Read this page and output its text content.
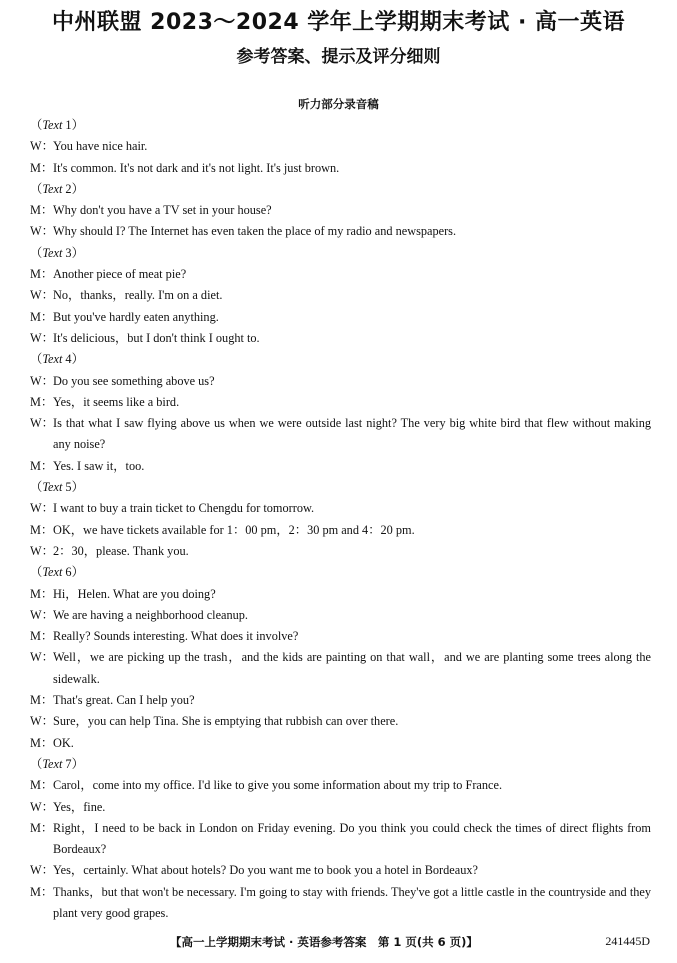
中州联盟 2023～2024 学年上学期期末考试 · 高一英语
参考答案、提示及评分细则
听力部分录音稿
（Text 1）
W：You have nice hair.
M：It's common. It's not dark and it's not light. It's just brown.
（Text 2）
M：Why don't you have a TV set in your house?
W：Why should I? The Internet has even taken the place of my radio and newspapers.
（Text 3）
M：Another piece of meat pie?
W：No，thanks，really. I'm on a diet.
M：But you've hardly eaten anything.
W：It's delicious，but I don't think I ought to.
（Text 4）
W：Do you see something above us?
M：Yes，it seems like a bird.
W：Is that what I saw flying above us when we were outside last night? The very big white bird that flew without making any noise?
M：Yes. I saw it，too.
（Text 5）
W：I want to buy a train ticket to Chengdu for tomorrow.
M：OK，we have tickets available for 1：00 pm，2：30 pm and 4：20 pm.
W：2：30，please. Thank you.
（Text 6）
M：Hi，Helen. What are you doing?
W：We are having a neighborhood cleanup.
M：Really? Sounds interesting. What does it involve?
W：Well，we are picking up the trash，and the kids are painting on that wall，and we are planting some trees along the sidewalk.
M：That's great. Can I help you?
W：Sure，you can help Tina. She is emptying that rubbish can over there.
M：OK.
（Text 7）
M：Carol，come into my office. I'd like to give you some information about my trip to France.
W：Yes，fine.
M：Right，I need to be back in London on Friday evening. Do you think you could check the times of direct flights from Bordeaux?
W：Yes，certainly. What about hotels? Do you want me to book you a hotel in Bordeaux?
M：Thanks，but that won't be necessary. I'm going to stay with friends. They've got a little castle in the countryside and they plant very good grapes.
【高一上学期期末考试 · 英语参考答案　第 1 页(共 6 页)】	241445D
